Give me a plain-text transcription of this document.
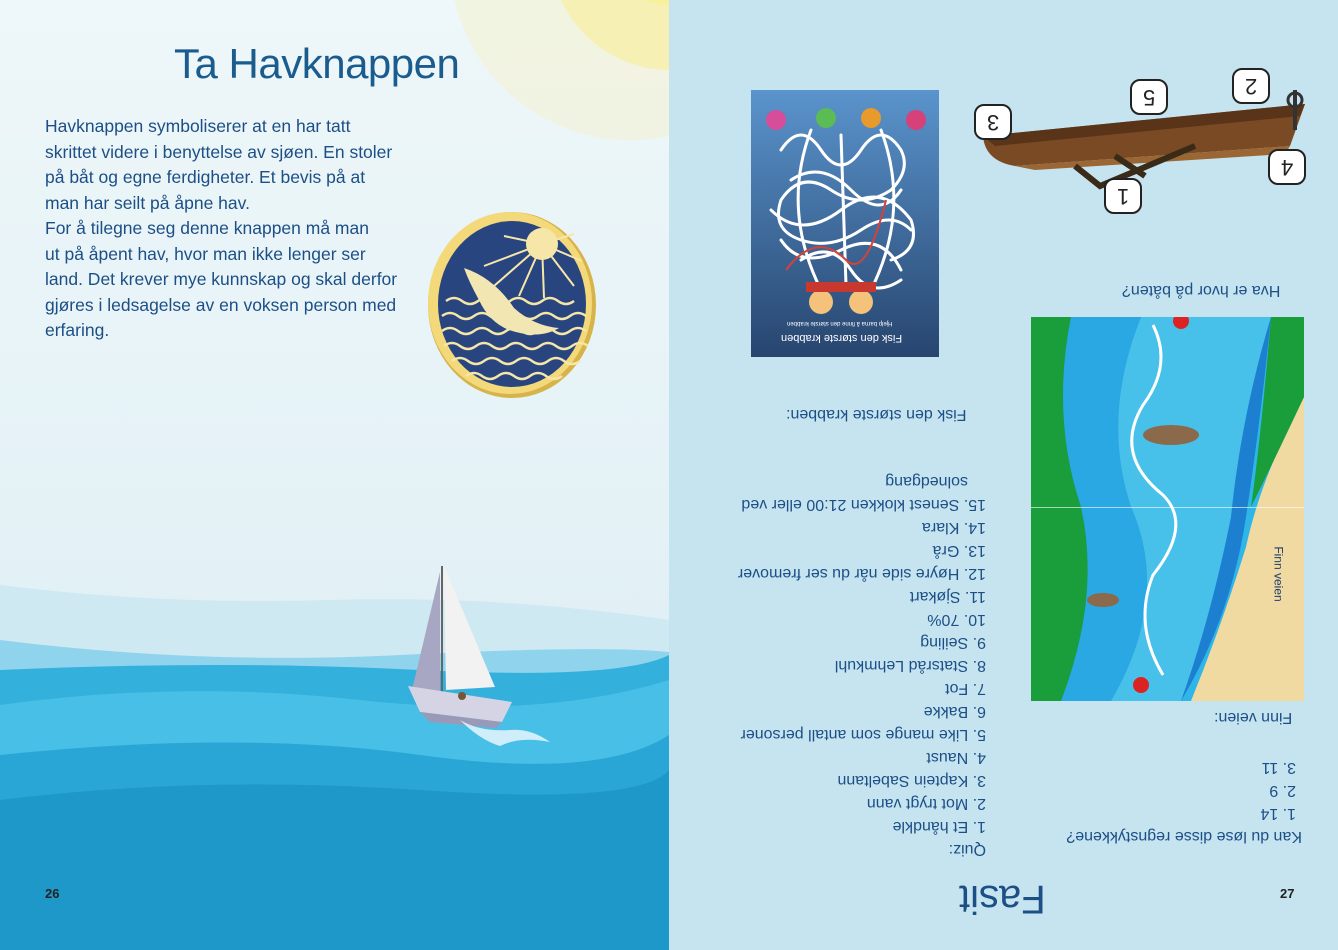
Ta Havknappen

Havknappen symboliserer at en har tatt

skrittet videre i benyttelse av sjøen. En stoler

på båt og egne ferdigheter. Et bevis på at

man har seilt på åpne hav.

For å tilegne seg denne knappen må man

ut på åpent hav, hvor man ikke lenger ser

land. Det krever mye kunnskap og skal derfor

gjøres i ledsagelse av en voksen person med

erfaring.

26
3
5	2
4
1
Hva er hvor på båten?
Fisk den største krabben
Hjelp barna å finne den største krabben
Fisk den største krabben:
Finn veien
Finn veien:
Quiz:
1. Et håndkle
2. Mot trygt vann
3. Kaptein Sabeltann
4. Naust
5. Like mange som antall personer
6. Bakke
7. Fot
8. Statsråd Lehmkuhl
9. Seiling
10. 70%
11. Sjøkart
12. Høyre side når du ser fremover
13. Grå
14. Klara
15. Senest klokken 21:00 eller ved
solnedgang
Kan du løse disse regnstykkene?
1. 14
2. 9
3. 11
Fasit	27
